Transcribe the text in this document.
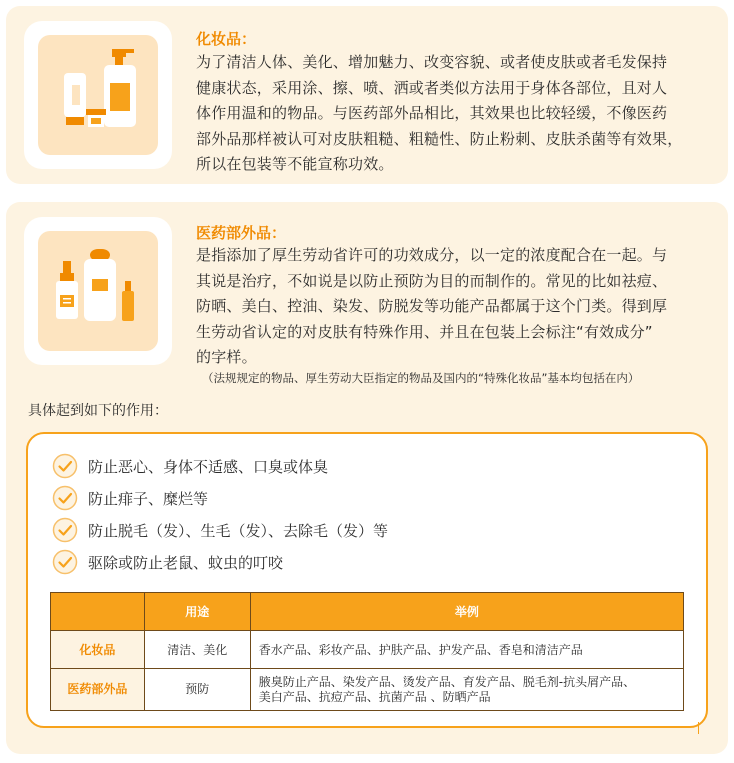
化妆品：
为了清洁人体、美化、增加魅力、改变容貌、或者使皮肤或者毛发保持
健康状态，采用涂、擦、喷、洒或者类似方法用于身体各部位，且对人
体作用温和的物品。与医药部外品相比，其效果也比较轻缓，不像医药
部外品那样被认可对皮肤粗糙、粗糙性、防止粉刺、皮肤杀菌等有效果，
所以在包装等不能宣称功效。
医药部外品：
是指添加了厚生劳动省许可的功效成分，以一定的浓度配合在一起。与
其说是治疗，不如说是以防止预防为目的而制作的。常见的比如祛痘、
防晒、美白、控油、染发、防脱发等功能产品都属于这个门类。得到厚
生劳动省认定的对皮肤有特殊作用、并且在包装上会标注“有效成分”
的字样。
（法规规定的物品、厚生劳动大臣指定的物品及国内的“特殊化妆品”基本均包括在内）
具体起到如下的作用：
防止恶心、身体不适感、口臭或体臭
防止痱子、糜烂等
防止脱毛（发）、生毛（发）、去除毛（发）等
驱除或防止老鼠、蚊虫的叮咬
	用途	举例
化妆品	清洁、美化	香水产品、彩妆产品、护肤产品、护发产品、香皂和清洁产品

医药部外品	预防	腋臭防止产品、染发产品、烫发产品、育发产品、脱毛剂-抗头屑产品、
美白产品、抗痘产品、抗菌产品 、防晒产品
